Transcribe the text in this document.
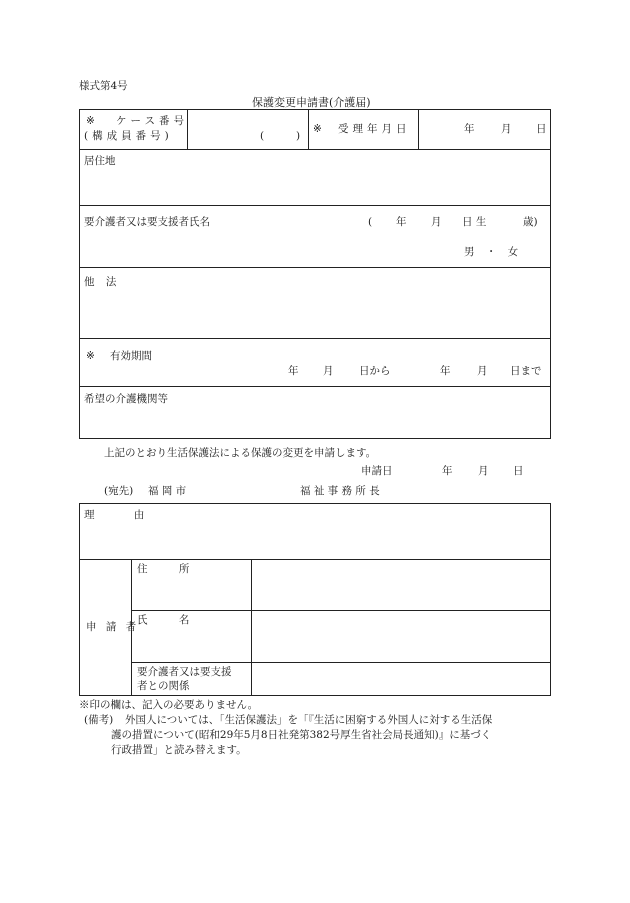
様式第4号
保護変更申請書(介護届)
※ ケース番号
(構成員番号)	(	)
※ 受理年月日	年	月 日
居住地
要介護者又は要支援者氏名	( 年 月 日 生	歳)
男 ・ 女
他 法
※ 有効期間
年 月 日から	年	月 日まで
希望の介護機関等
上記のとおり生活保護法による保護の変更を申請します。
申請日	年 月 日
(宛先) 福 岡 市	福 祉 事 務 所 長
理 由
申 請 者
住 所
氏 名
要介護者又は要支援
者との関係
※印の欄は、記入の必要ありません。
(備考) 外国人については、「生活保護法」を「『生活に困窮する外国人に対する生活保
護の措置について(昭和29年5月8日社発第382号厚生省社会局長通知)』に基づく
行政措置」と読み替えます。
